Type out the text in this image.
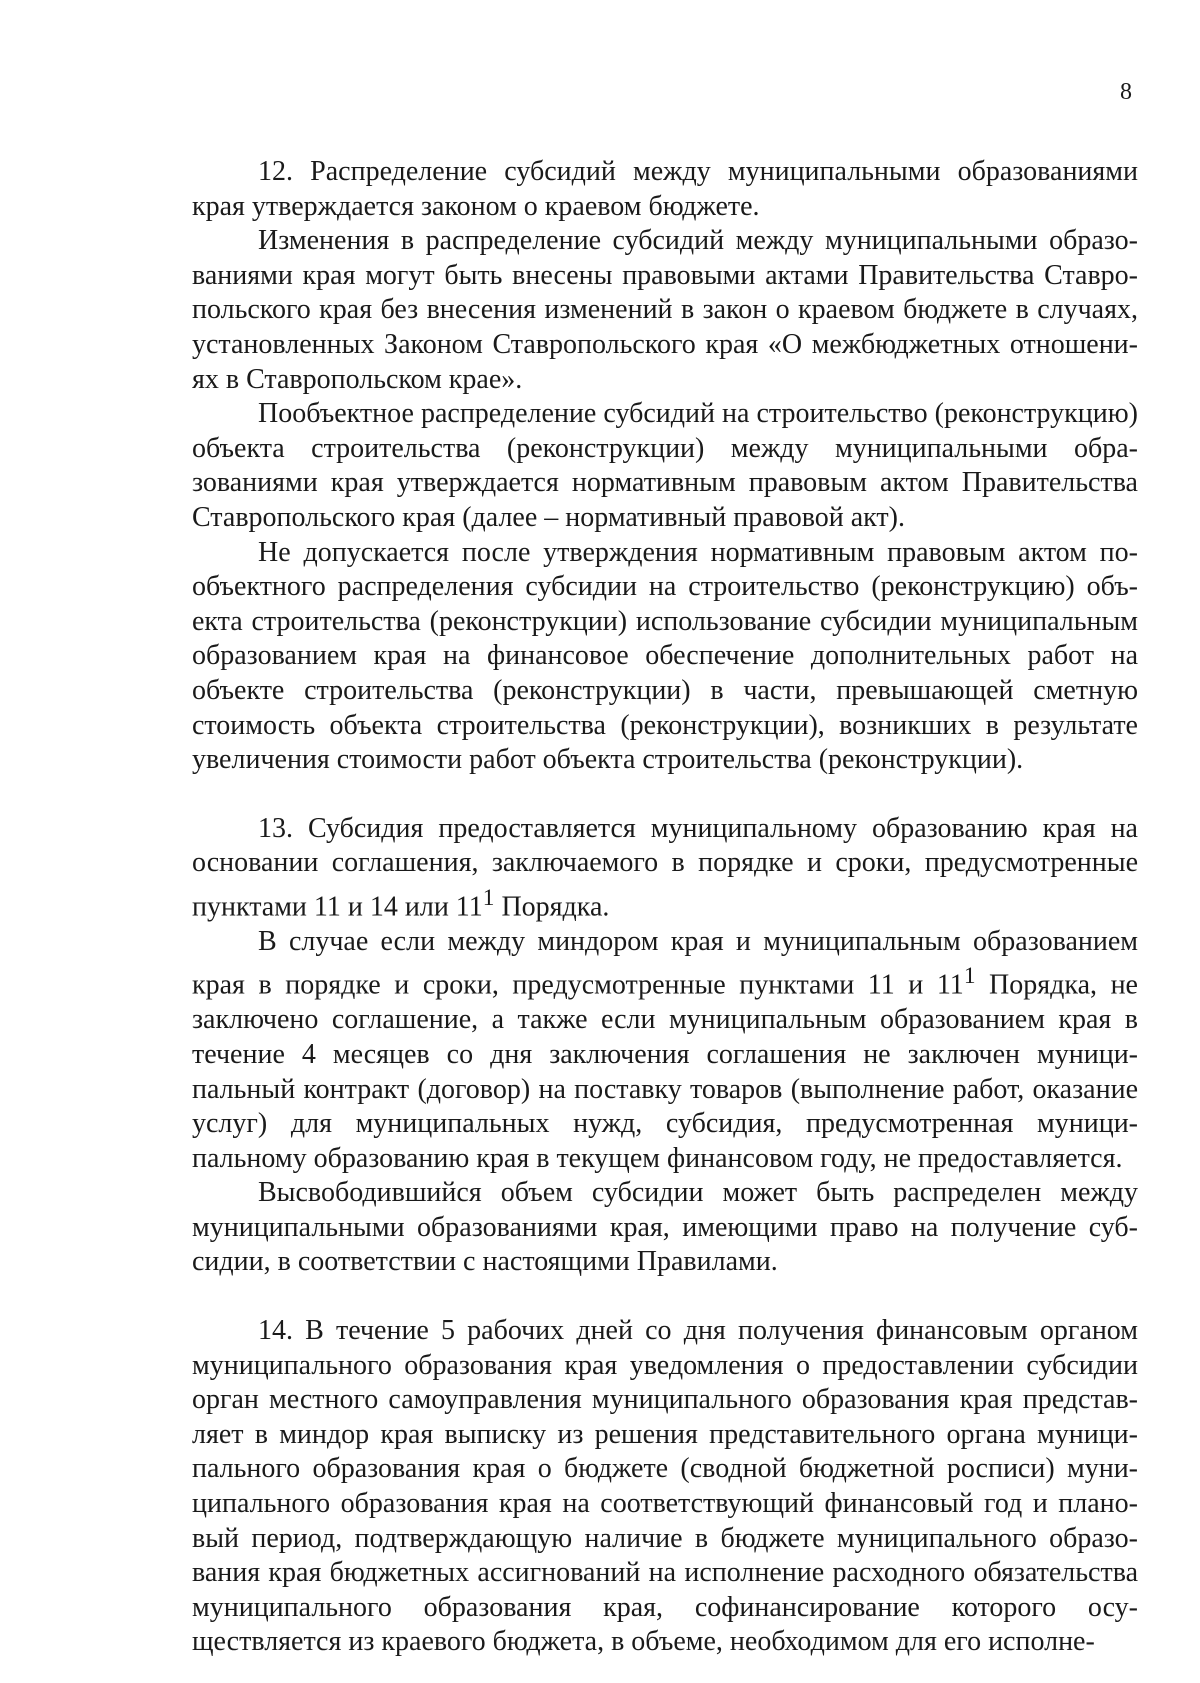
8

12. Распределение субсидий между муниципальными образованиями края утверждается законом о краевом бюджете.

Изменения в распределение субсидий между муниципальными образованиями края могут быть внесены правовыми актами Правительства Ставропольского края без внесения изменений в закон о краевом бюджете в случаях, установленных Законом Ставропольского края «О межбюджетных отношениях в Ставропольском крае».

Пообъектное распределение субсидий на строительство (реконструкцию) объекта строительства (реконструкции) между муниципальными образованиями края утверждается нормативным правовым актом Правительства Ставропольского края (далее – нормативный правовой акт).

Не допускается после утверждения нормативным правовым актом пообъектного распределения субсидии на строительство (реконструкцию) объекта строительства (реконструкции) использование субсидии муниципальным образованием края на финансовое обеспечение дополнительных работ на объекте строительства (реконструкции) в части, превышающей сметную стоимость объекта строительства (реконструкции), возникших в результате увеличения стоимости работ объекта строительства (реконструкции).

13. Субсидия предоставляется муниципальному образованию края на основании соглашения, заключаемого в порядке и сроки, предусмотренные пунктами 11 и 14 или $11^1$ Порядка.

В случае если между миндором края и муниципальным образованием края в порядке и сроки, предусмотренные пунктами 11 и $11^1$ Порядка, не заключено соглашение, а также если муниципальным образованием края в течение 4 месяцев со дня заключения соглашения не заключен муниципальный контракт (договор) на поставку товаров (выполнение работ, оказание услуг) для муниципальных нужд, субсидия, предусмотренная муниципальному образованию края в текущем финансовом году, не предоставляется.

Высвободившийся объем субсидии может быть распределен между муниципальными образованиями края, имеющими право на получение субсидии, в соответствии с настоящими Правилами.

14. В течение 5 рабочих дней со дня получения финансовым органом муниципального образования края уведомления о предоставлении субсидии орган местного самоуправления муниципального образования края представляет в миндор края выписку из решения представительного органа муниципального образования края о бюджете (сводной бюджетной росписи) муниципального образования края на соответствующий финансовый год и плановый период, подтверждающую наличие в бюджете муниципального образования края бюджетных ассигнований на исполнение расходного обязательства муниципального образования края, софинансирование которого осуществляется из краевого бюджета, в объеме, необходимом для его исполне-
